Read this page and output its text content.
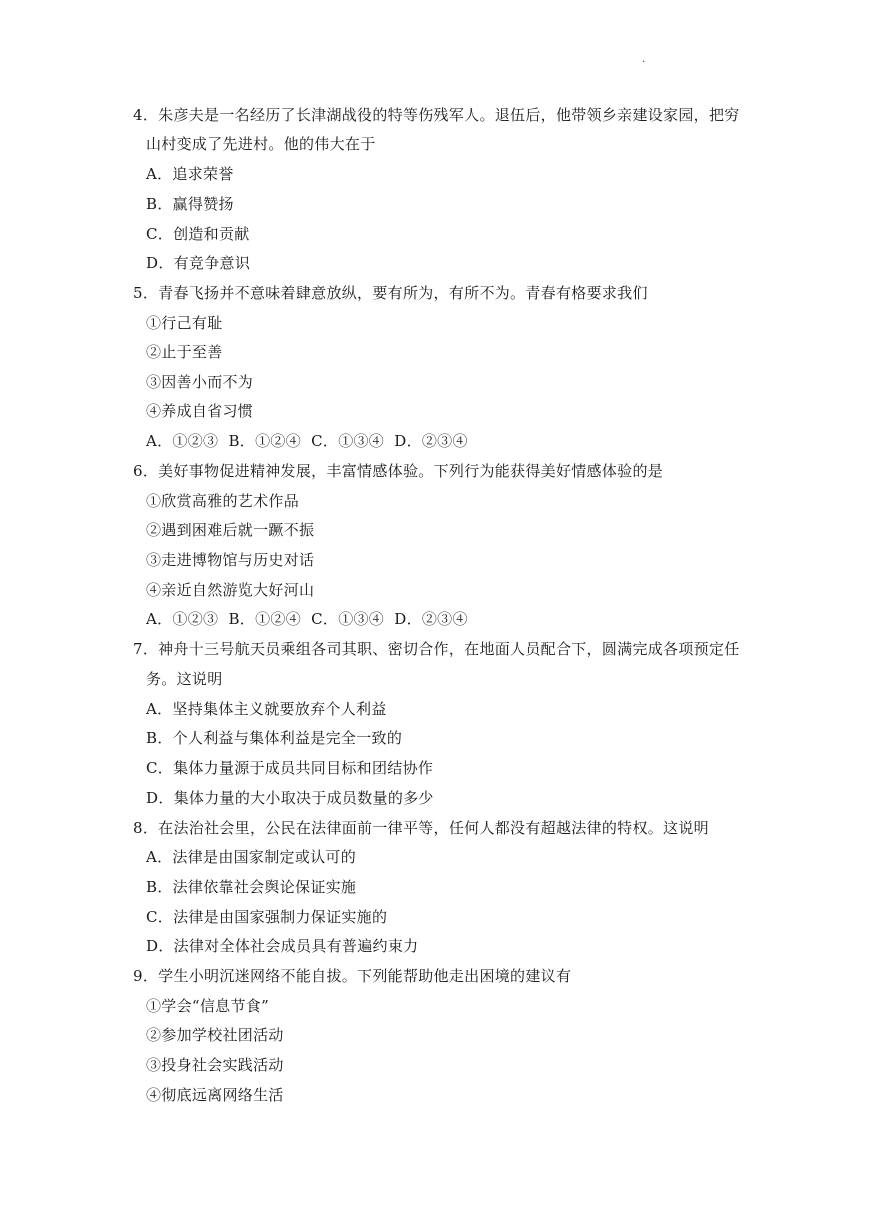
.
4．朱彦夫是一名经历了长津湖战役的特等伤残军人。退伍后，他带领乡亲建设家园，把穷
山村变成了先进村。他的伟大在于
A．追求荣誉
B．赢得赞扬
C．创造和贡献
D．有竞争意识
5．青春飞扬并不意味着肆意放纵，要有所为，有所不为。青春有格要求我们
①行己有耻
②止于至善
③因善小而不为
④养成自省习惯
A．①②③  B．①②④  C．①③④  D．②③④
6．美好事物促进精神发展，丰富情感体验。下列行为能获得美好情感体验的是
①欣赏高雅的艺术作品
②遇到困难后就一蹶不振
③走进博物馆与历史对话
④亲近自然游览大好河山
A．①②③  B．①②④  C．①③④  D．②③④
7．神舟十三号航天员乘组各司其职、密切合作，在地面人员配合下，圆满完成各项预定任
务。这说明
A．坚持集体主义就要放弃个人利益
B．个人利益与集体利益是完全一致的
C．集体力量源于成员共同目标和团结协作
D．集体力量的大小取决于成员数量的多少
8．在法治社会里，公民在法律面前一律平等，任何人都没有超越法律的特权。这说明
A．法律是由国家制定或认可的
B．法律依靠社会舆论保证实施
C．法律是由国家强制力保证实施的
D．法律对全体社会成员具有普遍约束力
9．学生小明沉迷网络不能自拔。下列能帮助他走出困境的建议有
①学会“信息节食”
②参加学校社团活动
③投身社会实践活动
④彻底远离网络生活
